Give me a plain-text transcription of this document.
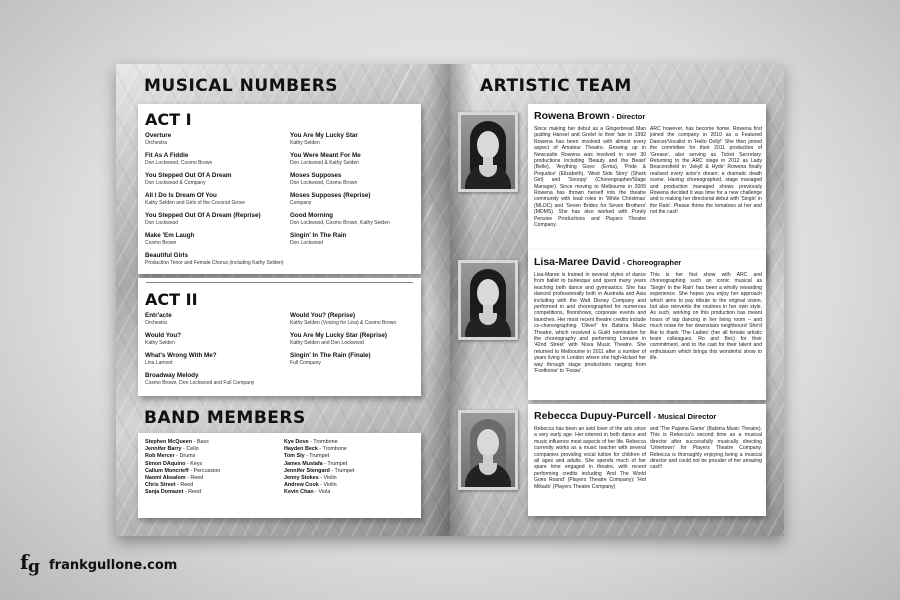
MUSICAL NUMBERS
ACT I
Overture
Orchestra
Fit As A Fiddle
Don Lockwood, Cosmo Brown
You Stepped Out Of A Dream
Don Lockwood & Company
All I Do Is Dream Of You
Kathy Selden and Girls of the Coconut Grove
You Stepped Out Of A Dream (Reprise)
Don Lockwood
Make 'Em Laugh
Cosmo Brown
Beautiful Girls
Production Tenor and Female Chorus (including Kathy Selden)
You Are My Lucky Star
Kathy Selden
You Were Meant For Me
Don Lockwood & Kathy Selden
Moses Supposes
Don Lockwood, Cosmo Brown
Moses Supposes (Reprise)
Company
Good Morning
Don Lockwood, Cosmo Brown, Kathy Selden
Singin' In The Rain
Don Lockwood
ACT II
Entr'acte
Orchestra
Would You?
Kathy Selden
What's Wrong With Me?
Lina Lamont
Broadway Melody
Cosmo Brown, Don Lockwood and Full Company
Would You? (Reprise)
Kathy Selden (Voicing for Lina) & Cosmo Brown
You Are My Lucky Star (Reprise)
Kathy Selden and Don Lockwood
Singin' In The Rain (Finale)
Full Company
BAND MEMBERS
Stephen McQueen - Bass
Jennifer Barry - Cello
Rob Mercer - Drums
Simon DAquino - Keys
Callum Moncrieff - Percussion
Naomi Absalom - Reed
Chris Street - Reed
Sanja Domazet - Reed
Kye Dove - Trombone
Hayden Beck - Trombone
Tom Sly - Trumpet
James Mustafa - Trumpet
Jennifer Stengard - Trumpet
Jenny Stokes - Violin
Andrew Cook - Violin
Kevin Chan - Viola
ARTISTIC TEAM
Rowena Brown - Director
Since making her debut as a Gingerbread Man guiding Hansel and Gretel to their fate in 1992 Rowena has been involved with almost every aspect of Amateur Theatre. Growing up in Newcastle Rowena was involved in over 30 productions including 'Beauty and the Beast' (Belle), 'Anything Goes' (Erma), 'Pride & Prejudice' (Elizabeth), 'West Side Story' (Shark Girl) and 'Snoopy' (Choreographer/Stage Manager). Since moving to Melbourne in 2009 Rowena has thrown herself into the theatre community with lead roles in 'White Christmas' (MLOC) and 'Seven Brides for Seven Brothers' (MDMS). She has also worked with Purely Pensive Productions and Players Theatre Company.
ARC however, has become home. Rowena first joined the company in 2010 as a Featured Dancer/Vocalist in 'Hello Dolly!' She then joined the committee for their 2011 production of 'Grease', also serving as Ticket Secretary. Returning to the ARC stage in 2012 as Lady Beaconsfield in 'Jekyll & Hyde' Rowena finally realised every actor's dream; a dramatic death scene. Having choreographed, stage managed and production managed shows previously Rowena decided it was time for a new challenge and is making her directorial debut with 'Singin' in the Rain'. Please throw the tomatoes at her and not the cast!
Lisa-Maree David - Choreographer
Lisa-Maree is trained in several styles of dance from ballet to burlesque and spent many years teaching both dance and gymnastics. She has danced professionally both in Australia and Asia including with the Walt Disney Company and performed in and choreographed for numerous competitions, floorshows, corporate events and launches. Her most recent theatre credits include co-choreographing 'Oliver!' for Babirra Music Theatre, which received a Guild nomination for the choreography and performing Lorraine in '42nd Street' with Nova Music Theatre. She returned to Melbourne in 2011 after a number of years living in London where she high-kicked her way through stage productions ranging from 'Footloose' to 'Fosse'.
This is her first show with ARC and choreographing such an iconic musical as 'Singin' in the Rain' has been a wholly rewarding experience. She hopes you enjoy her approach which aims to pay tribute to the original vision, but also reinvents the routines in her own style. As such, working on this production has meant hours of tap dancing in her living room – and much noise for her downstairs neighbours! She'd like to thank 'The Ladies' (her all female artistic team colleagues, Ro and Bec) for their commitment, and to the cast for their talent and enthusiasm which brings this wonderful show to life.
Rebecca Dupuy-Purcell - Musical Director
Rebecca has been an avid lover of the arts since a very early age. Her interest in both dance and music influence most aspects of her life. Rebecca currently works as a music teacher with several companies providing vocal tuition for children of all ages and adults. She spends much of her spare time engaged in theatre, with recent performing credits including 'And The World Goes Round' (Players Theatre Company); 'Hot Mikado' (Players Theatre Company)
and 'The Pajama Game' (Babirra Music Theatre). This is Rebecca's second time as a musical director after successfully musically directing 'Urinetown' for Players Theatre Company. Rebecca is thoroughly enjoying being a musical director and could not be prouder of her amazing cast!!
f g frankgullone.com
